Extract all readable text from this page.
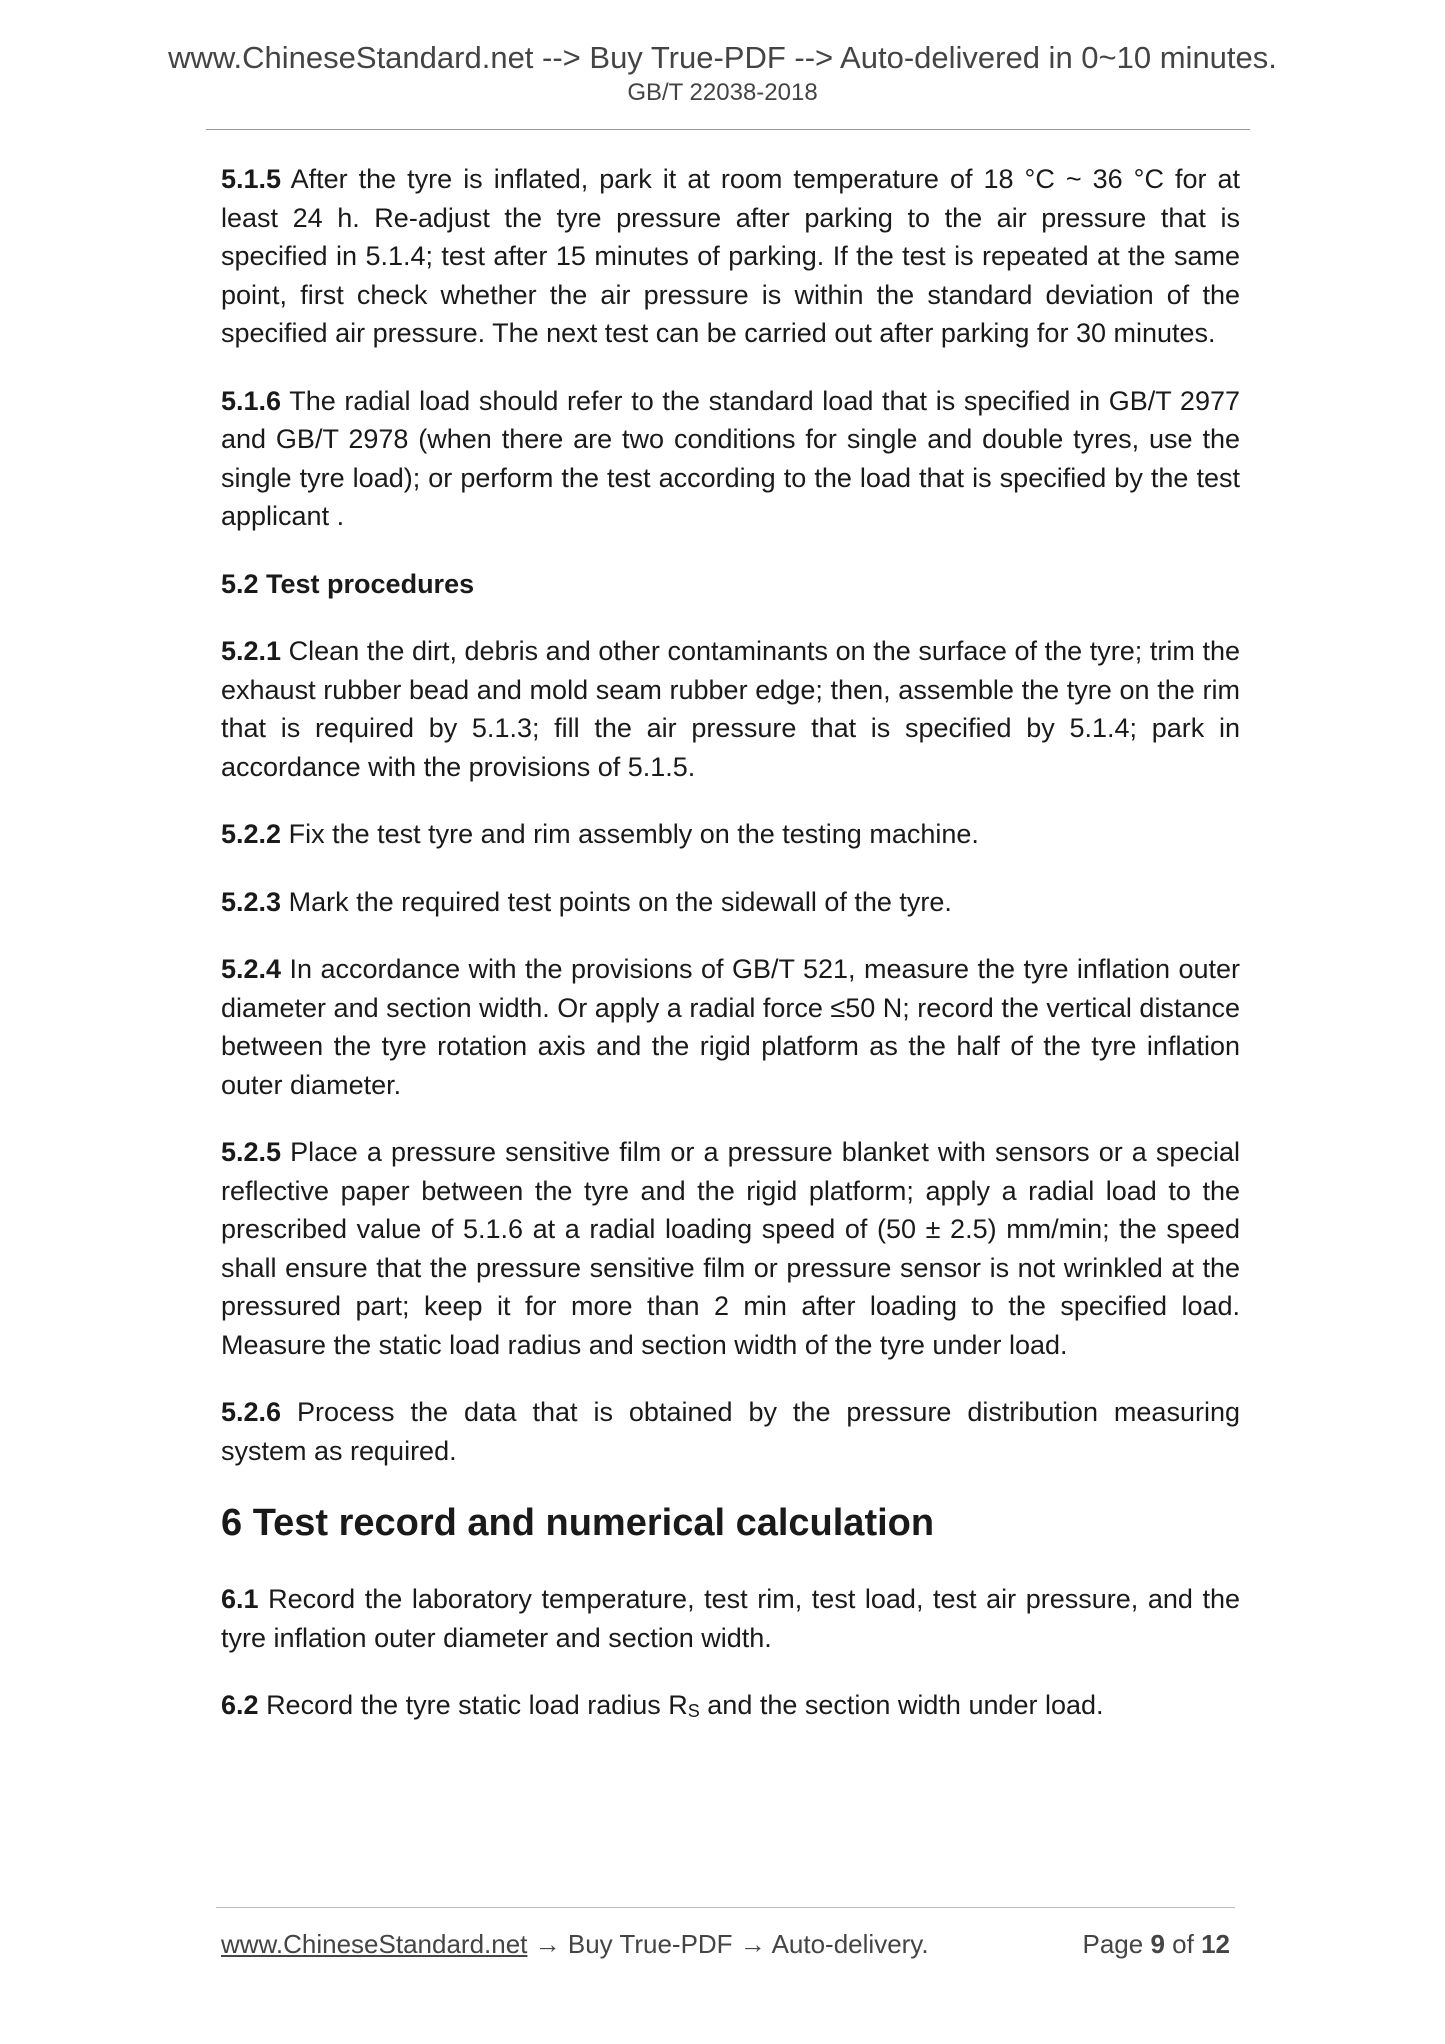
www.ChineseStandard.net --> Buy True-PDF --> Auto-delivered in 0~10 minutes.
GB/T 22038-2018

5.1.5 After the tyre is inflated, park it at room temperature of 18 °C ~ 36 °C for at least 24 h. Re-adjust the tyre pressure after parking to the air pressure that is specified in 5.1.4; test after 15 minutes of parking. If the test is repeated at the same point, first check whether the air pressure is within the standard deviation of the specified air pressure. The next test can be carried out after parking for 30 minutes.

5.1.6 The radial load should refer to the standard load that is specified in GB/T 2977 and GB/T 2978 (when there are two conditions for single and double tyres, use the single tyre load); or perform the test according to the load that is specified by the test applicant .

5.2 Test procedures

5.2.1 Clean the dirt, debris and other contaminants on the surface of the tyre; trim the exhaust rubber bead and mold seam rubber edge; then, assemble the tyre on the rim that is required by 5.1.3; fill the air pressure that is specified by 5.1.4; park in accordance with the provisions of 5.1.5.

5.2.2 Fix the test tyre and rim assembly on the testing machine.

5.2.3 Mark the required test points on the sidewall of the tyre.

5.2.4 In accordance with the provisions of GB/T 521, measure the tyre inflation outer diameter and section width. Or apply a radial force ≤50 N; record the vertical distance between the tyre rotation axis and the rigid platform as the half of the tyre inflation outer diameter.

5.2.5 Place a pressure sensitive film or a pressure blanket with sensors or a special reflective paper between the tyre and the rigid platform; apply a radial load to the prescribed value of 5.1.6 at a radial loading speed of (50 ± 2.5) mm/min; the speed shall ensure that the pressure sensitive film or pressure sensor is not wrinkled at the pressured part; keep it for more than 2 min after loading to the specified load. Measure the static load radius and section width of the tyre under load.

5.2.6 Process the data that is obtained by the pressure distribution measuring system as required.

6 Test record and numerical calculation

6.1 Record the laboratory temperature, test rim, test load, test air pressure, and the tyre inflation outer diameter and section width.

6.2 Record the tyre static load radius $R_S$ and the section width under load.

www.ChineseStandard.net → Buy True-PDF → Auto-delivery.	Page 9 of 12
